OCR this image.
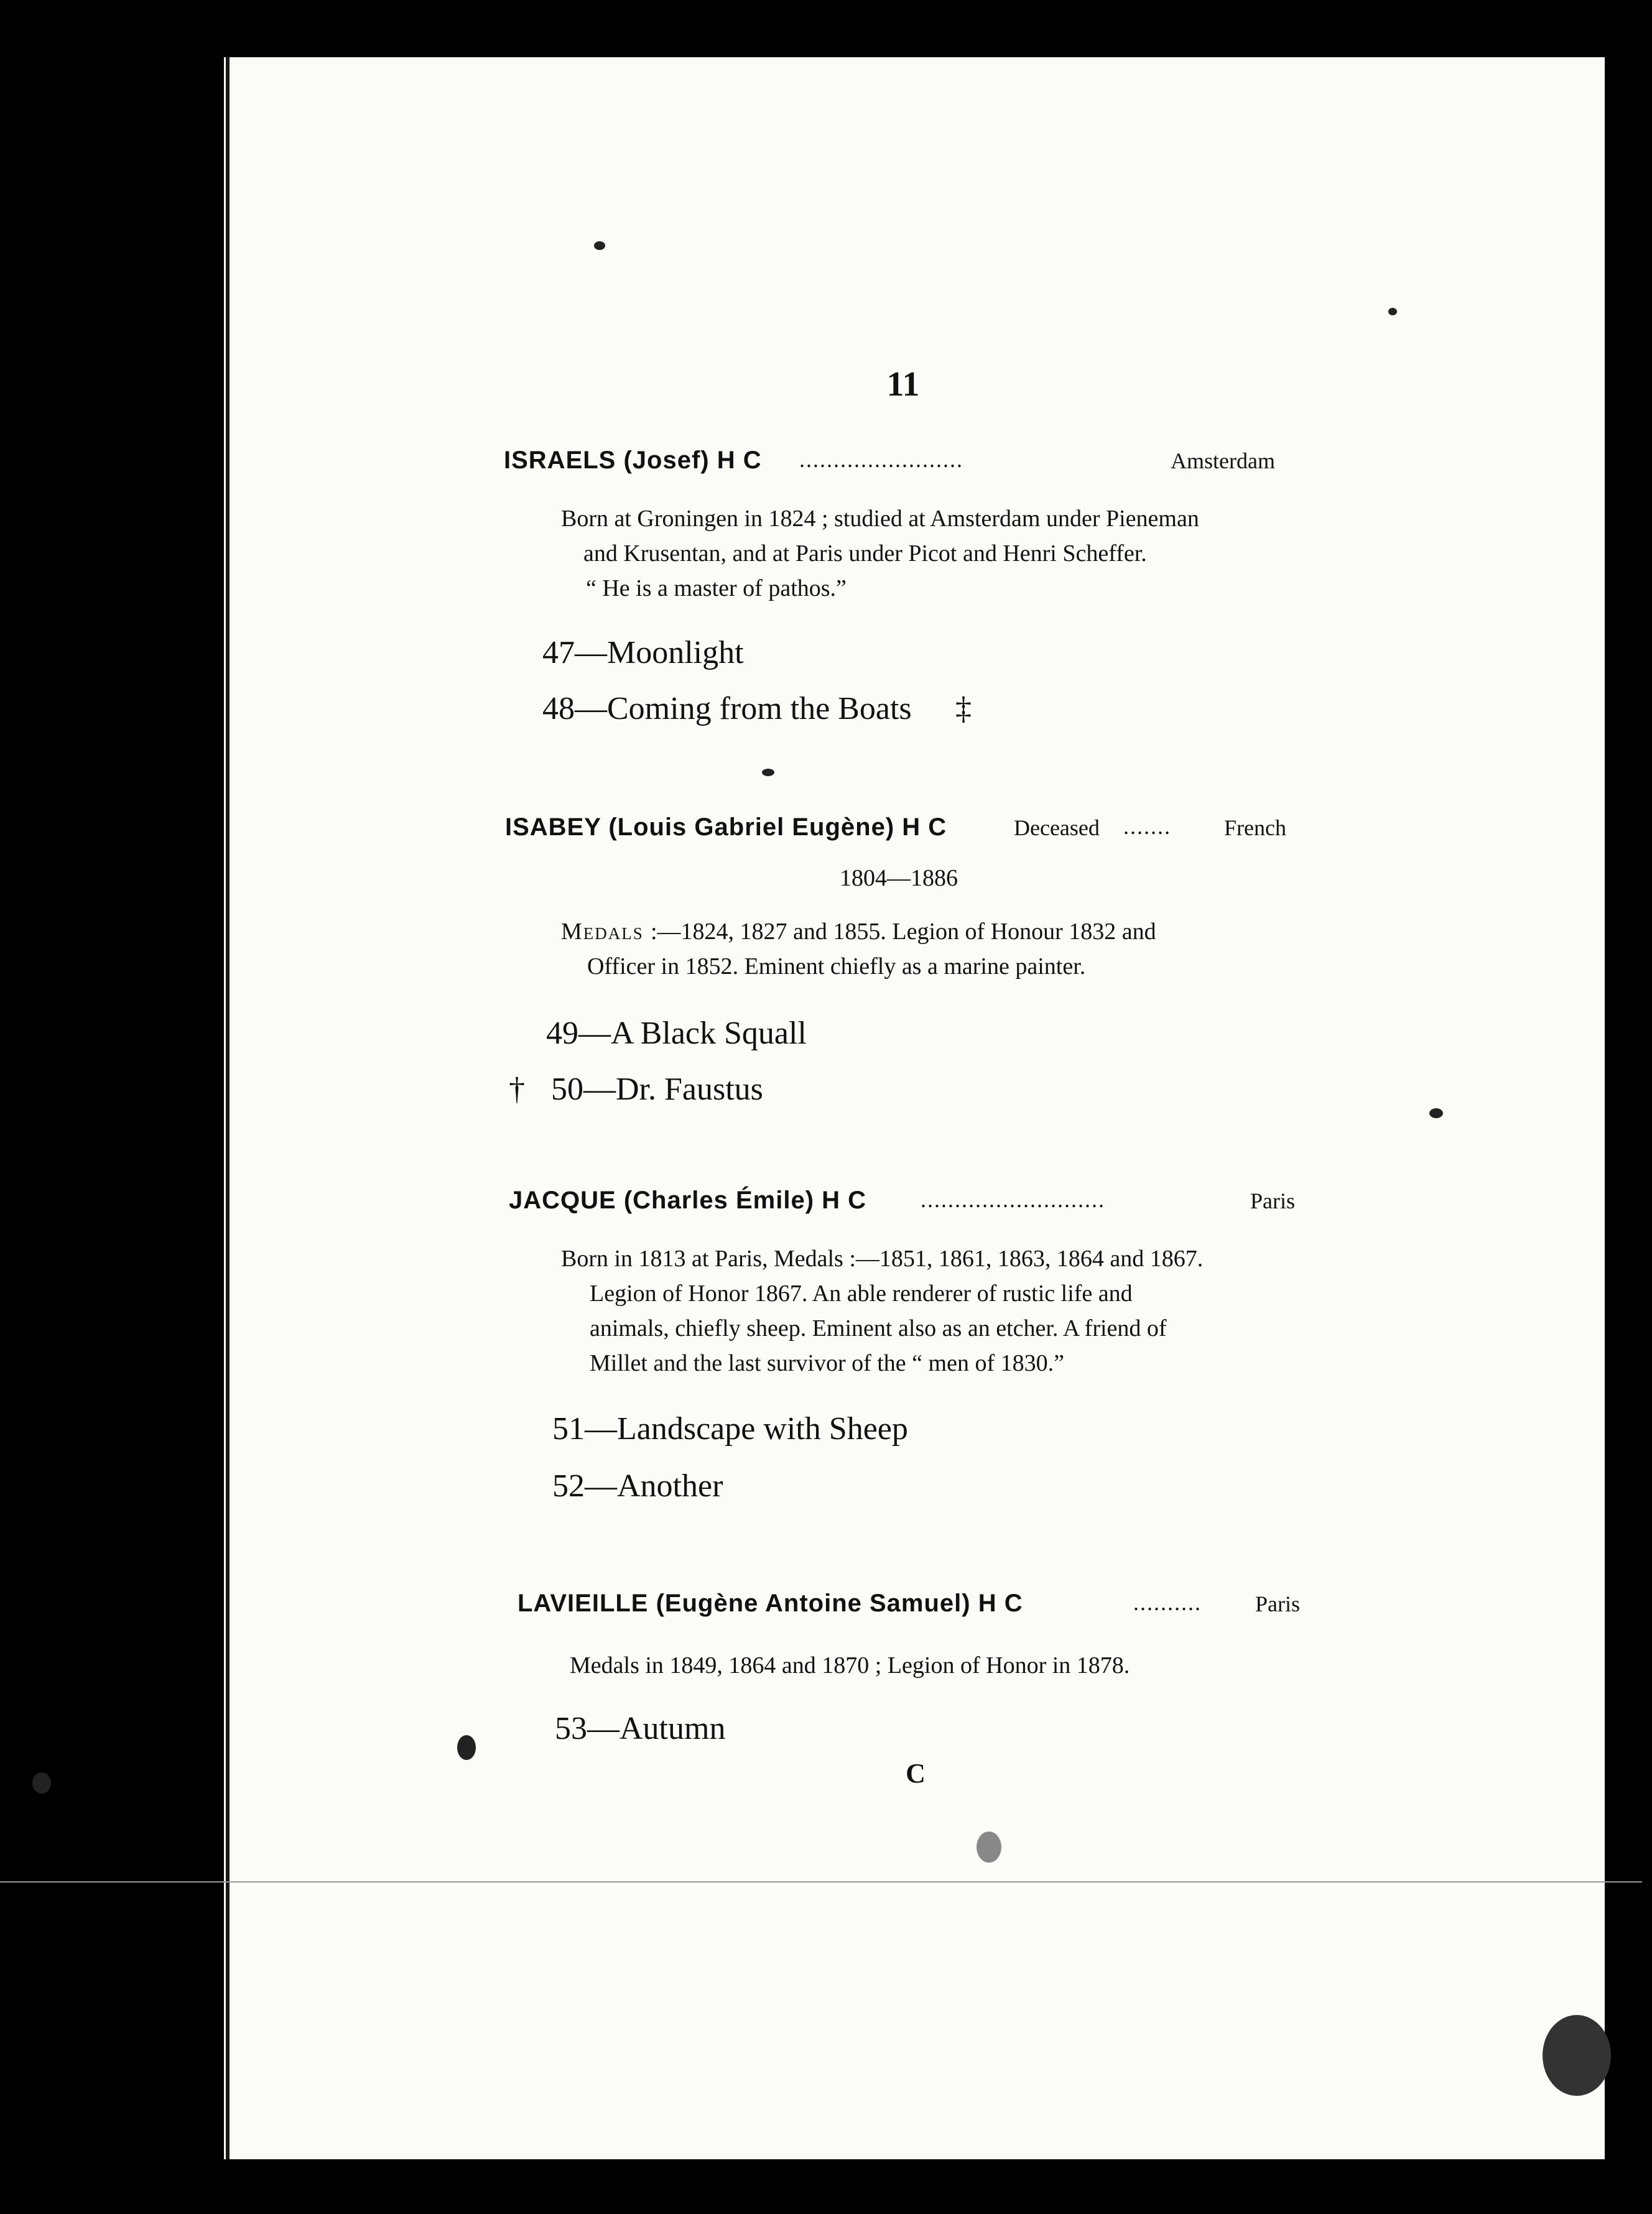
11
ISRAELS (Josef) H C ........................	Amsterdam
Born at Groningen in 1824 ; studied at Amsterdam under Pieneman
and Krusentan, and at Paris under Picot and Henri Scheffer.
“ He is a master of pathos.”
47—Moonlight
48—Coming from the Boats ‡
ISABEY (Louis Gabriel Eugène) H C	Deceased ....... French
1804—1886
Medals :—1824, 1827 and 1855. Legion of Honour 1832 and
Officer in 1852. Eminent chiefly as a marine painter.
49—A Black Squall
† 50—Dr. Faustus
JACQUE (Charles Émile) H C ...........................	Paris
Born in 1813 at Paris, Medals :—1851, 1861, 1863, 1864 and 1867.
Legion of Honor 1867. An able renderer of rustic life and
animals, chiefly sheep. Eminent also as an etcher. A friend of
Millet and the last survivor of the “ men of 1830.”
51—Landscape with Sheep
52—Another
LAVIEILLE (Eugène Antoine Samuel) H C	.......... Paris
Medals in 1849, 1864 and 1870 ; Legion of Honor in 1878.
53—Autumn
C
